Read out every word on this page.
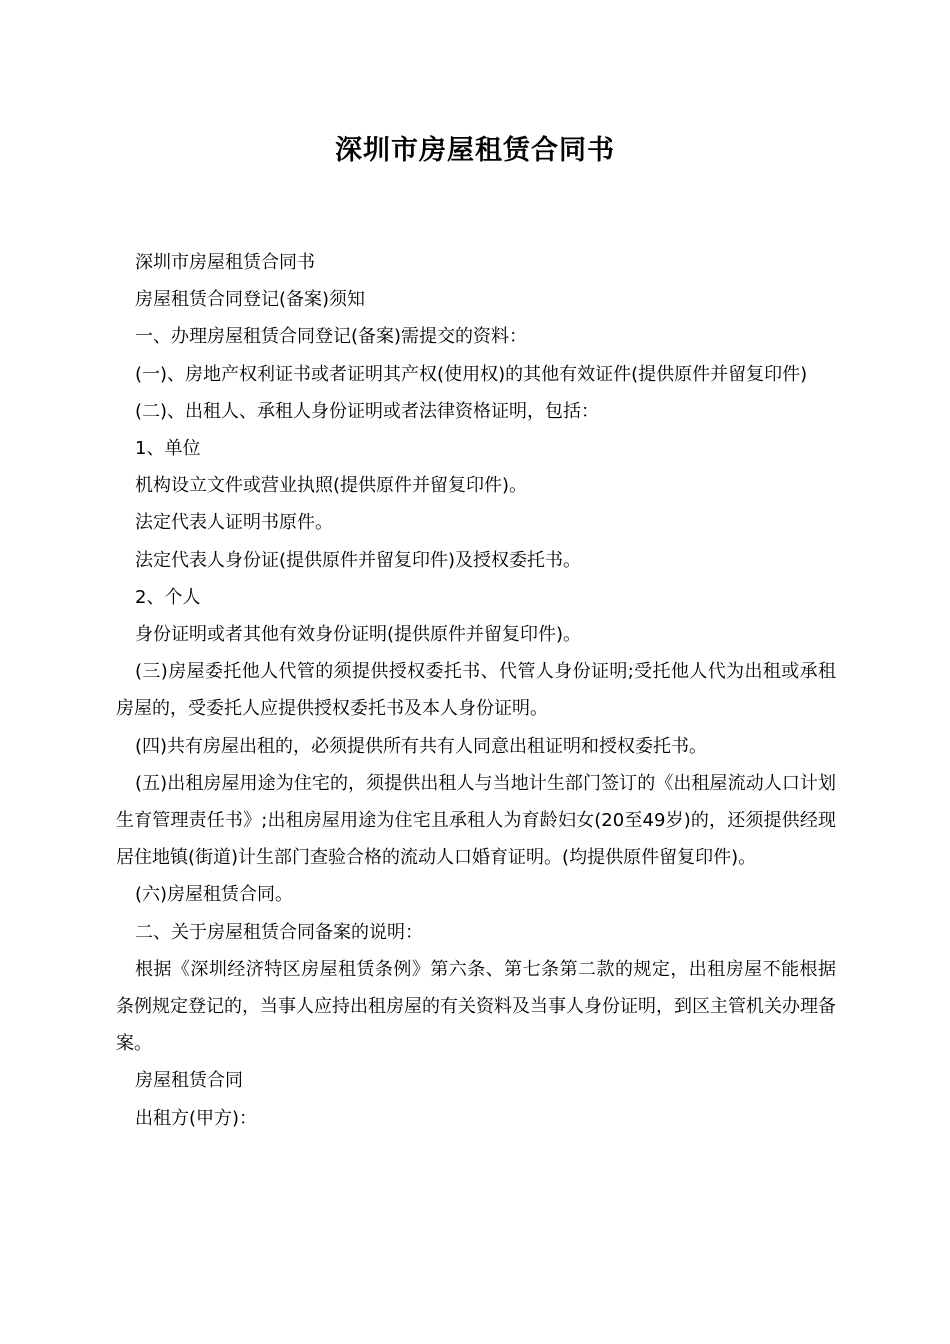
深圳市房屋租赁合同书

深圳市房屋租赁合同书

房屋租赁合同登记(备案)须知

一、办理房屋租赁合同登记(备案)需提交的资料：

(一)、房地产权利证书或者证明其产权(使用权)的其他有效证件(提供原件并留复印件)

(二)、出租人、承租人身份证明或者法律资格证明，包括：

1、单位

机构设立文件或营业执照(提供原件并留复印件)。

法定代表人证明书原件。

法定代表人身份证(提供原件并留复印件)及授权委托书。

2、个人

身份证明或者其他有效身份证明(提供原件并留复印件)。

(三)房屋委托他人代管的须提供授权委托书、代管人身份证明;受托他人代为出租或承租房屋的，受委托人应提供授权委托书及本人身份证明。

(四)共有房屋出租的，必须提供所有共有人同意出租证明和授权委托书。

(五)出租房屋用途为住宅的，须提供出租人与当地计生部门签订的《出租屋流动人口计划生育管理责任书》;出租房屋用途为住宅且承租人为育龄妇女(20至49岁)的，还须提供经现居住地镇(街道)计生部门查验合格的流动人口婚育证明。(均提供原件留复印件)。

(六)房屋租赁合同。

二、关于房屋租赁合同备案的说明：

根据《深圳经济特区房屋租赁条例》第六条、第七条第二款的规定，出租房屋不能根据条例规定登记的，当事人应持出租房屋的有关资料及当事人身份证明，到区主管机关办理备案。

房屋租赁合同

出租方(甲方)：
